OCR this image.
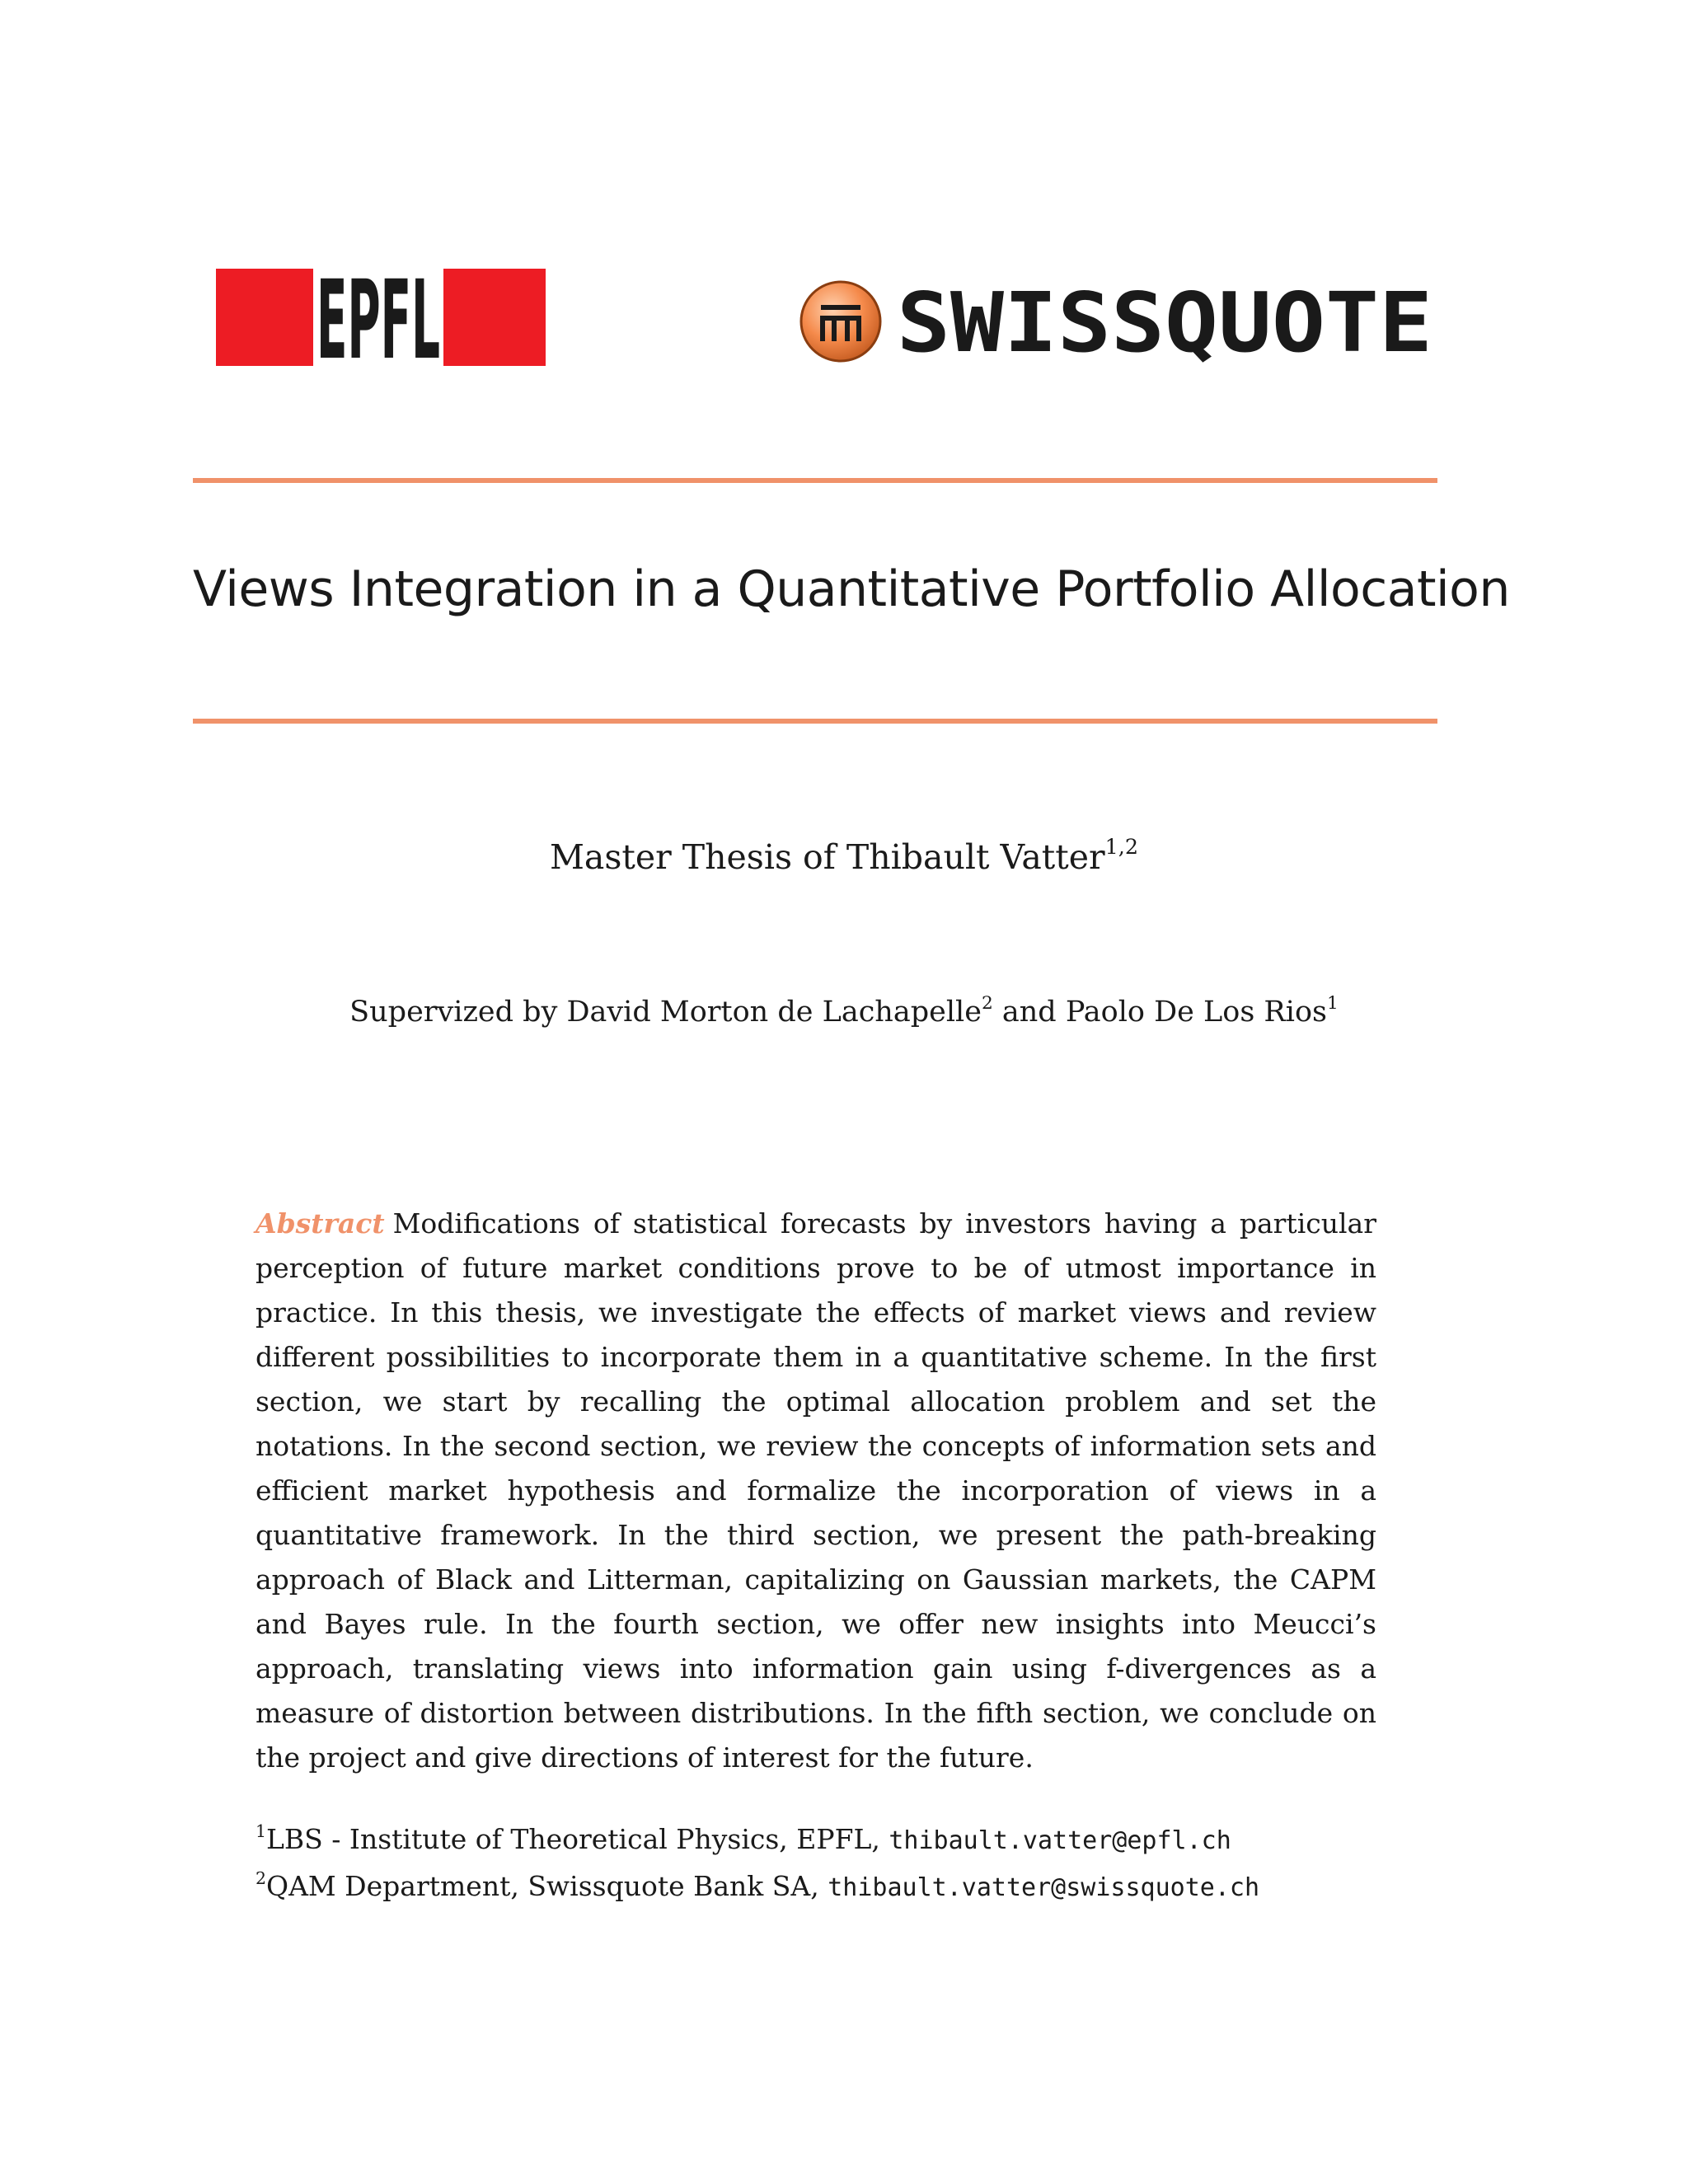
EPFL	SWISSQUOTE
Views Integration in a Quantitative Portfolio Allocation
Master Thesis of Thibault Vatter$^{1,2}$
Supervized by David Morton de Lachapelle$^2$ and Paolo De Los Rios$^1$
Abstract Modifications of statistical forecasts by investors having a particular perception of future market conditions prove to be of utmost importance in practice. In this thesis, we investigate the effects of market views and review different possibilities to incorporate them in a quantitative scheme. In the first section, we start by recalling the optimal allocation problem and set the notations. In the second section, we review the concepts of information sets and efficient market hypothesis and formalize the incorporation of views in a quantitative framework. In the third section, we present the path-breaking approach of Black and Litterman, capitalizing on Gaussian markets, the CAPM and Bayes rule. In the fourth section, we offer new insights into Meucci’s approach, translating views into information gain using f-divergences as a measure of distortion between distributions. In the fifth section, we conclude on the project and give directions of interest for the future.
$^1$LBS - Institute of Theoretical Physics, EPFL, thibault.vatter@epfl.ch
$^2$QAM Department, Swissquote Bank SA, thibault.vatter@swissquote.ch
